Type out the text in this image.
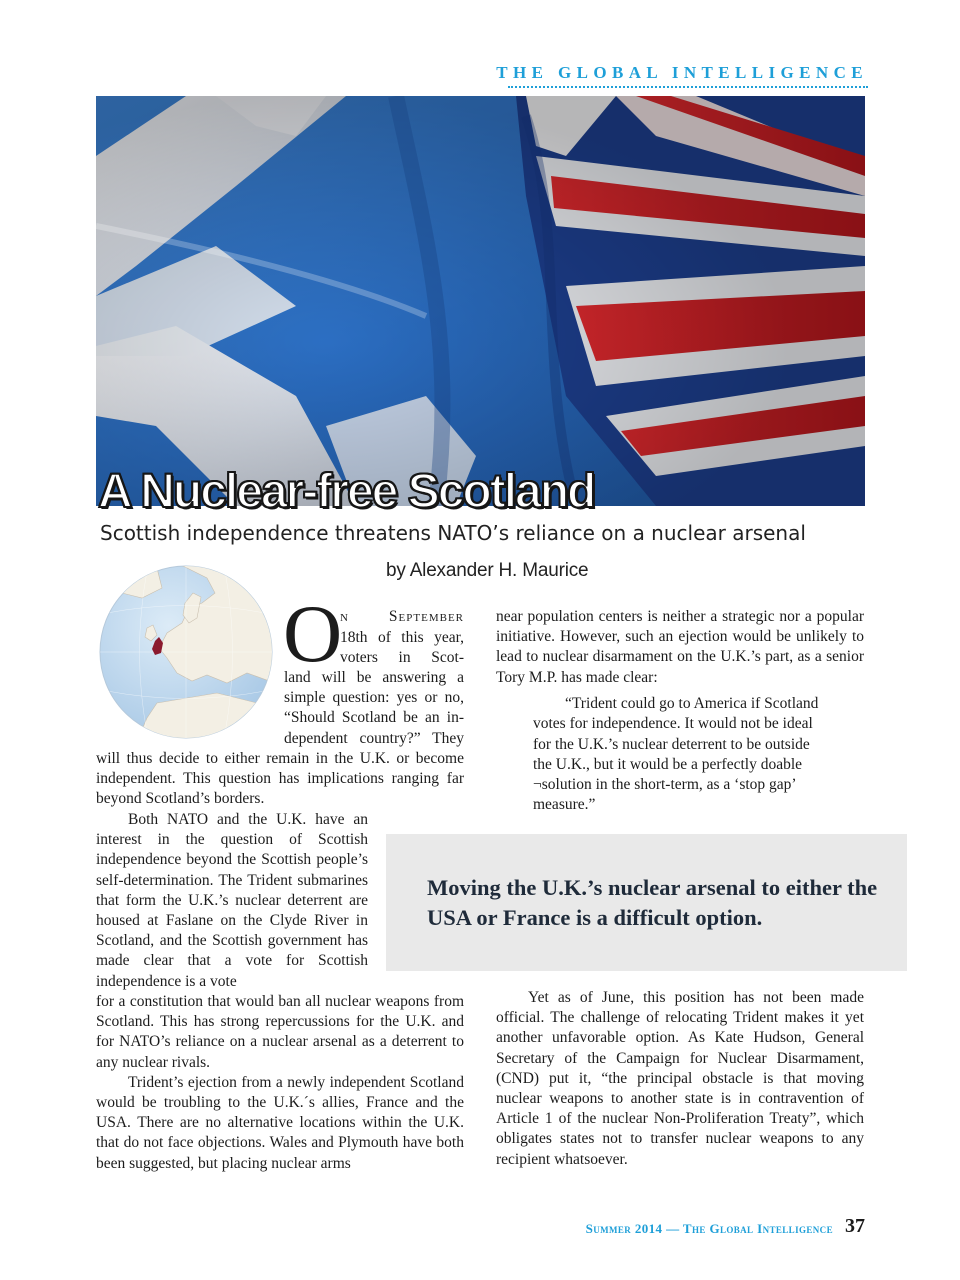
THE GLOBAL INTELLIGENCE
A Nuclear-free Scotland
Scottish independence threatens NATO’s reliance on a nuclear arsenal
by Alexander H. Maurice
O

n September

18th of this year,

voters in Scot-

land will be answering a

simple question: yes or no,

“Should Scotland be an in-

dependent country?” They

will thus decide to either remain in the U.K. or become independent. This question has implications ranging far beyond Scotland’s borders.

Both NATO and the U.K. have an interest in the question of Scottish independence beyond the Scottish people’s self-determination. The Trident submarines that form the U.K.’s nuclear deterrent are housed at Faslane on the Clyde River in Scotland, and the Scottish government has made clear that a vote for Scottish independence is a vote

for a constitution that would ban all nuclear weapons from Scotland. This has strong repercussions for the U.K. and for NATO’s reliance on a nuclear arsenal as a deterrent to any nuclear rivals.

Trident’s ejection from a newly independent Scotland would be troubling to the U.K.´s allies, France and the USA. There are no alternative locations within the U.K. that do not face objections. Wales and Plymouth have both been suggested, but placing nuclear arms

near population centers is neither a strategic nor a popular initiative. However, such an ejection would be unlikely to lead to nuclear disarmament on the U.K.’s part, as a senior Tory M.P. has made clear:

“Trident could go to America if Scotland votes for independence. It would not be ideal for the U.K.’s nuclear deterrent to be outside the U.K., but it would be a perfectly doable ¬solution in the short-term, as a ‘stop gap’ measure.”

Moving the U.K.’s nuclear arsenal to either the USA or France is a difficult option.

Yet as of June, this position has not been made official. The challenge of relocating Trident makes it yet another unfavorable option. As Kate Hudson, General Secretary of the Campaign for Nuclear Disarmament, (CND) put it, “the principal obstacle is that moving nuclear weapons to another state is in contravention of Article 1 of the nuclear Non-Proliferation Treaty”, which obligates states not to transfer nuclear weapons to any recipient whatsoever.

Summer 2014 — The Global Intelligence 37
